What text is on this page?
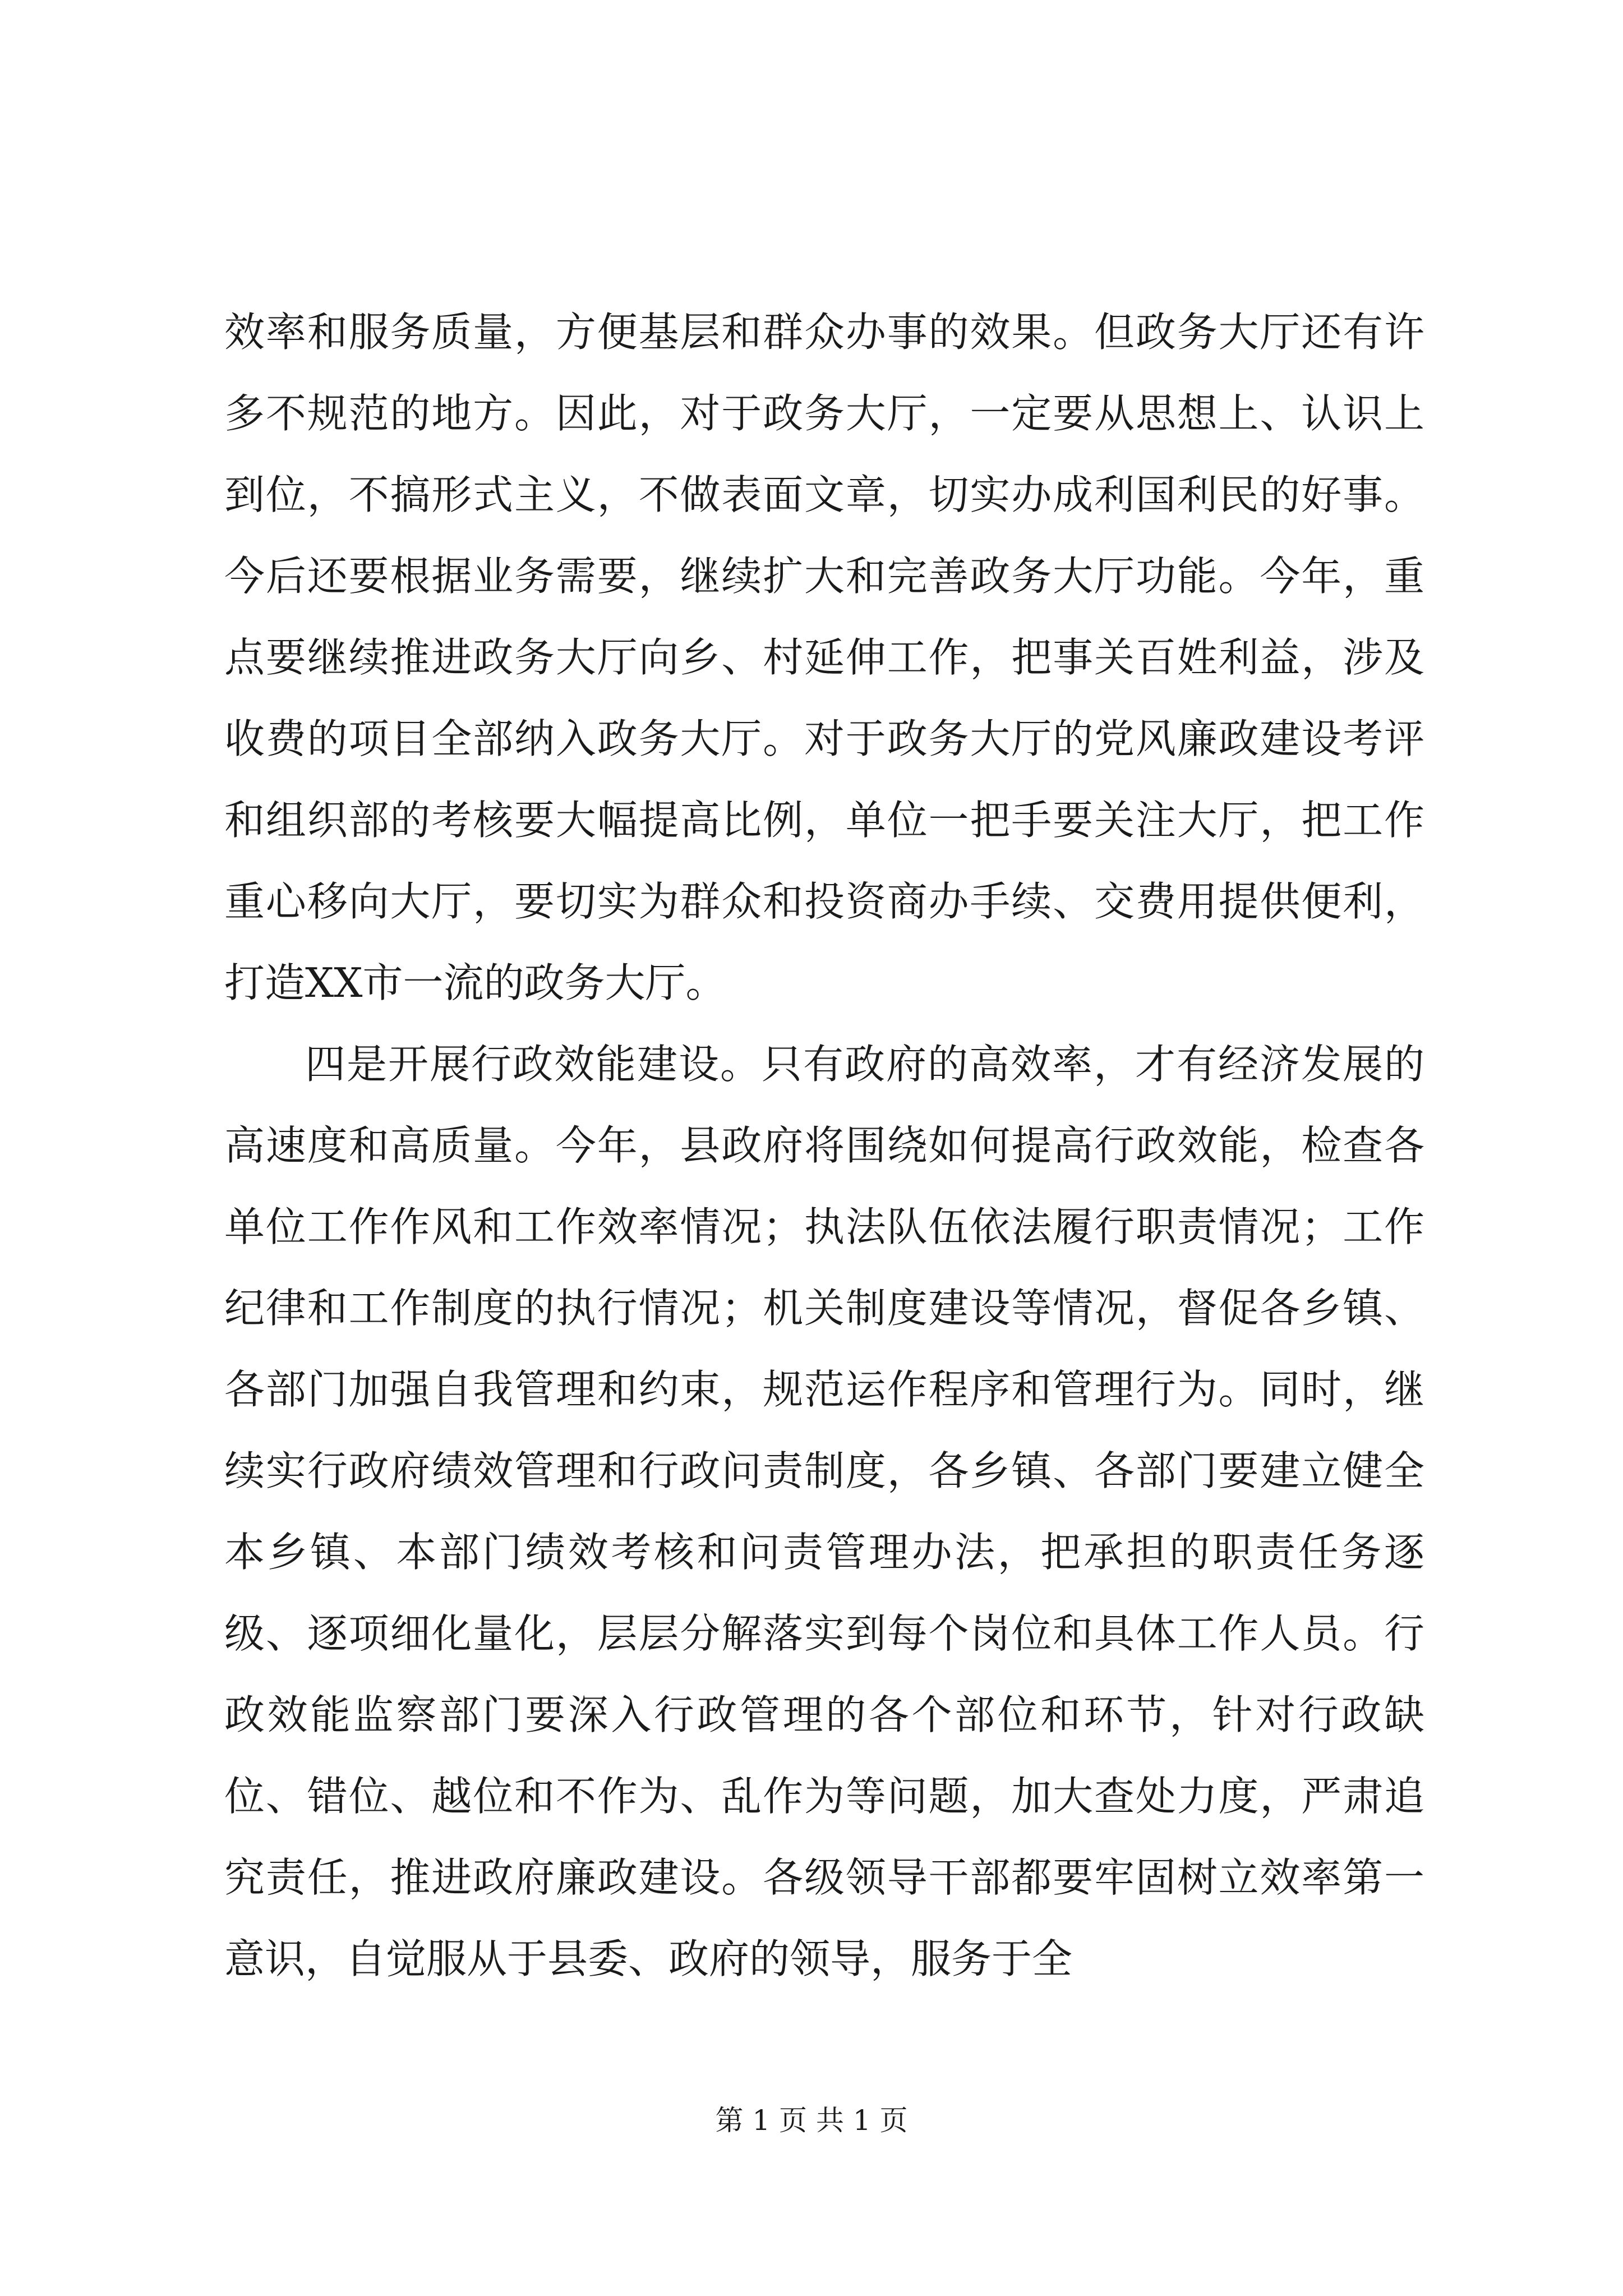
效率和服务质量，方便基层和群众办事的效果。但政务大厅还有许多不规范的地方。因此，对于政务大厅，一定要从思想上、认识上到位，不搞形式主义，不做表面文章，切实办成利国利民的好事。今后还要根据业务需要，继续扩大和完善政务大厅功能。今年，重点要继续推进政务大厅向乡、村延伸工作，把事关百姓利益，涉及收费的项目全部纳入政务大厅。对于政务大厅的党风廉政建设考评和组织部的考核要大幅提高比例，单位一把手要关注大厅，把工作重心移向大厅，要切实为群众和投资商办手续、交费用提供便利，打造XX市一流的政务大厅。

四是开展行政效能建设。只有政府的高效率，才有经济发展的高速度和高质量。今年，县政府将围绕如何提高行政效能，检查各单位工作作风和工作效率情况；执法队伍依法履行职责情况；工作纪律和工作制度的执行情况；机关制度建设等情况，督促各乡镇、各部门加强自我管理和约束，规范运作程序和管理行为。同时，继续实行政府绩效管理和行政问责制度，各乡镇、各部门要建立健全本乡镇、本部门绩效考核和问责管理办法，把承担的职责任务逐级、逐项细化量化，层层分解落实到每个岗位和具体工作人员。行政效能监察部门要深入行政管理的各个部位和环节，针对行政缺位、错位、越位和不作为、乱作为等问题，加大查处力度，严肃追究责任，推进政府廉政建设。各级领导干部都要牢固树立效率第一意识，自觉服从于县委、政府的领导，服务于全

第 1 页 共 1 页
